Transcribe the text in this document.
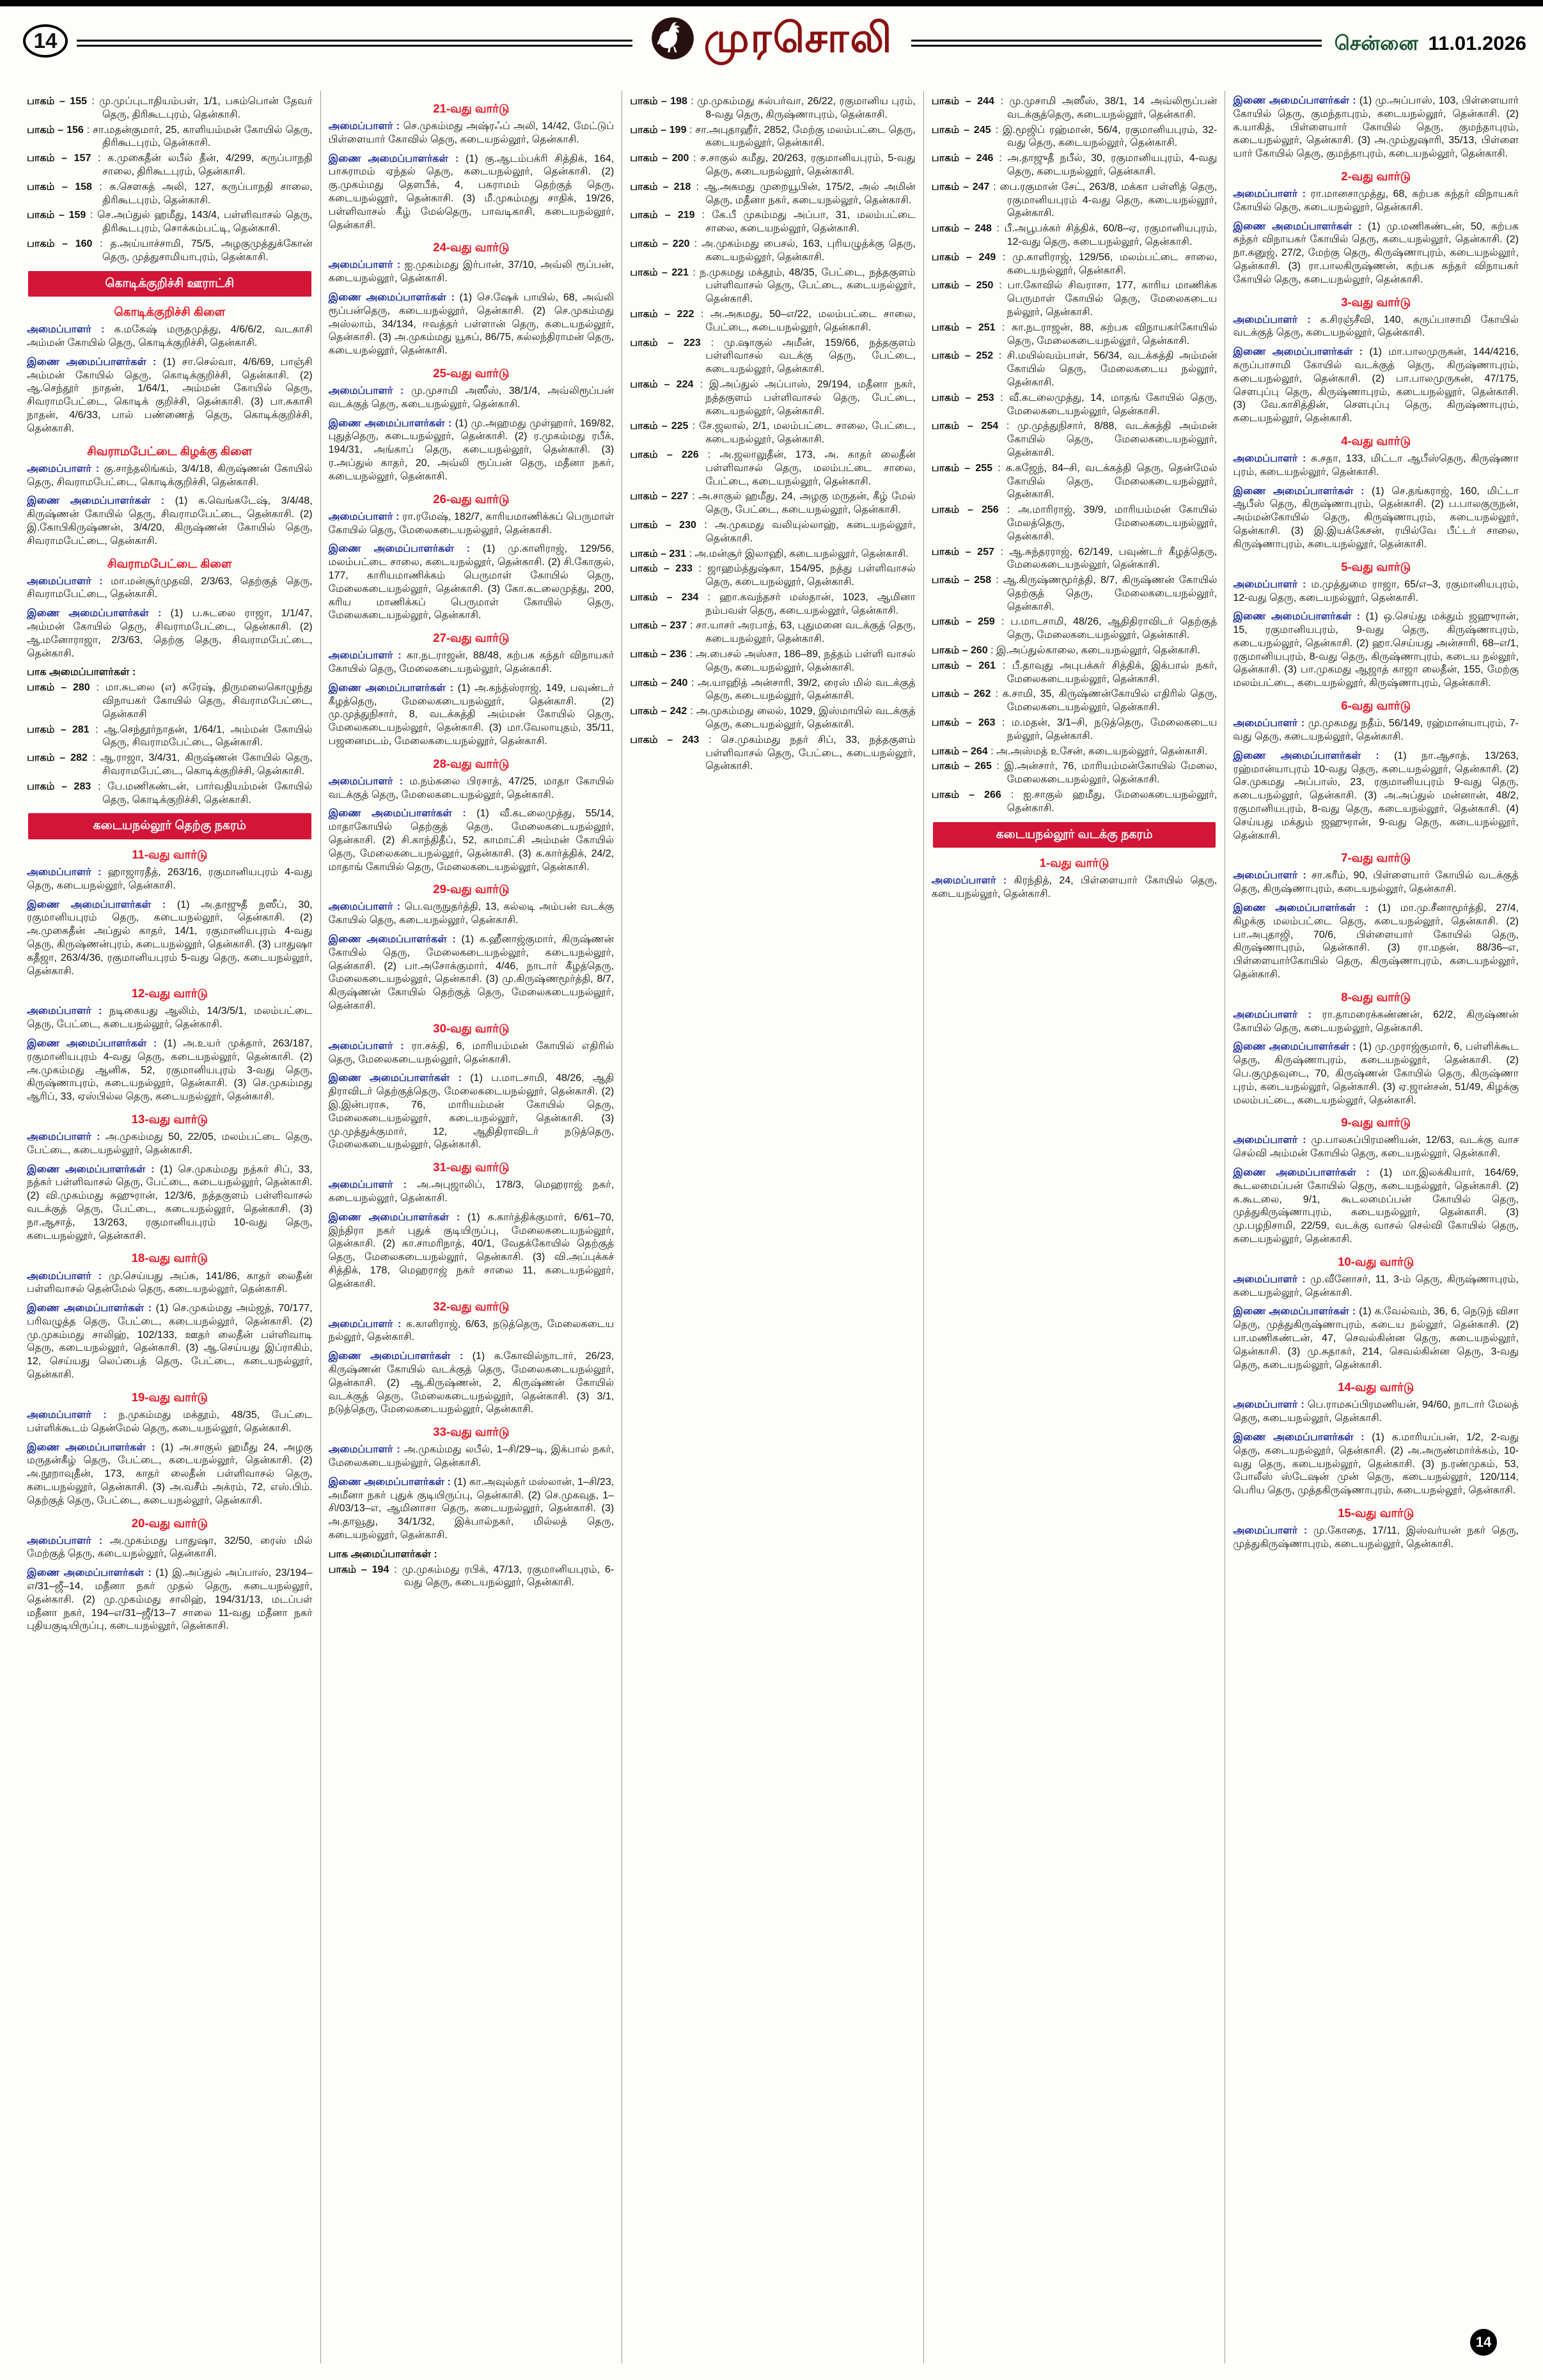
14	முரசொலி	சென்னை 11.01.2026
பாகம் – 155 : மு.முப்புடாதியம்பள், 1/1, பசும்பொன் தேவர் தெரு, திரிகூடபுரம், தென்காசி.
பாகம் – 156 : சா.மதன்குமார், 25, காளியம்மன் கோயில் தெரு, திரிகூடபுரம், தென்காசி.
பாகம் – 157 : க.முகைதீன் லபீல் தீன், 4/299, கருப்பாநதி சாலை, திரிகூடபுரம், தென்காசி.
பாகம் – 158 : க.சௌகத் அலி, 127, கருப்பாநதி சாலை, திரிகூடபுரம், தென்காசி.
பாகம் – 159 : செ.அப்துல் ஹமீது, 143/4, பள்ளிவாசல் தெரு, திரிகூடபுரம், சொக்கம்பட்டி, தென்காசி.
பாகம் – 160 : த.அய்யாச்சாமி, 75/5, அழகுமுத்துக்கோன் தெரு, முத்துசாமியாபுரம், தென்காசி.
கொடிக்குறிச்சி ஊராட்சி
கொடிக்குறிச்சி கிளை
அமைப்பாளர் : க.மகேஷ் மருதமுத்து, 4/6/6/2, வடகாசி அம்மன் கோயில் தெரு, கொடிக்குறிச்சி, தென்காசி.
இணை அமைப்பாளர்கள் : (1) சா.செல்வா, 4/6/69, பாஞ்சி அம்மன் கோயில் தெரு, கொடிக்குறிச்சி, தென்காசி. (2) ஆ.செந்தூர் நாதன், 1/64/1, அம்மன் கோயில் தெரு, சிவராமபேட்டை, கொடிக் குறிச்சி, தென்காசி. (3) பா.சுகாசி நாதன், 4/6/33, பால் பண்ணைத் தெரு, கொடிக்குறிச்சி, தென்காசி.
சிவராமபேட்டை கிழக்கு கிளை
அமைப்பாளர் : கு.சாந்தலிங்கம், 3/4/18, கிருஷ்ணன் கோயில் தெரு, சிவராமபேட்டை, கொடிக்குறிச்சி, தென்காசி.
இணை அமைப்பாளர்கள் : (1) க.வெங்கடேஷ், 3/4/48, கிருஷ்ணன் கோயில் தெரு, சிவராமபேட்டை, தென்காசி. (2) இ.கோபிகிருஷ்ணன், 3/4/20, கிருஷ்ணன் கோயில் தெரு, சிவராமபேட்டை, தென்காசி.
சிவராமபேட்டை கிளை
அமைப்பாளர் : மா.மன்சூர்முதவி, 2/3/63, தெற்குத் தெரு, சிவராமபேட்டை, தென்காசி.
இணை அமைப்பாளர்கள் : (1) ப.சுடலை ராஜா, 1/1/47, அம்மன் கோயில் தெரு, சிவராமபேட்டை, தென்காசி. (2) ஆ.மனோராஜா, 2/3/63, தெற்கு தெரு, சிவராமபேட்டை, தென்காசி.
பாக அமைப்பாளர்கள் :
பாகம் – 280 : மா.சுடலை (எ) சுரேஷ், திருமலைகொழுந்து விநாயகர் கோயில் தெரு, சிவராமபேட்டை, தென்காசி
பாகம் – 281 : ஆ.செந்தூர்நாதன், 1/64/1, அம்மன் கோயில் தெரு, சிவராமபேட்டை, தென்காசி.
பாகம் – 282 : ஆ.ராஜா, 3/4/31, கிருஷ்ணன் கோயில் தெரு, சிவராமபேட்டை, கொடிக்குறிச்சி, தென்காசி.
பாகம் – 283 : பே.மணிகண்டன், பார்வதியம்மன் கோயில் தெரு, கொடிக்குறிச்சி, தென்காசி.
கடையநல்லூர் தெற்கு நகரம்
11-வது வார்டு
அமைப்பாளர் : ஹாஜாரதீத், 263/16, ரகுமானியபுரம் 4-வது தெரு, கடையநல்லூர், தென்காசி.
இணை அமைப்பாளர்கள் : (1) அ.தாஜுதீ நஸீப், 30, ரகுமானியபுரம் தெரு, கடையநல்லூர், தென்காசி. (2) அ.முகைதீன் அப்துல் காதர், 14/1, ரகுமானியபுரம் 4-வது தெரு, கிருஷ்ணன்புரம், கடையநல்லூர், தென்காசி. (3) பாதுஷா கதீஜா, 263/4/36, ரகுமானியபுரம் 5-வது தெரு, கடையநல்லூர், தென்காசி.
12-வது வார்டு
அமைப்பாளர் : நடிகையது ஆலிம், 14/3/5/1, மலம்பட்டை தெரு, பேட்டை, கடையநல்லூர், தென்காசி.
இணை அமைப்பாளர்கள் : (1) அ.உயர் முக்தார், 263/187, ரகுமானியபுரம் 4-வது தெரு, கடையநல்லூர், தென்காசி. (2) அ.முகம்மது ஆனிசு, 52, ரகுமானியபுரம் 3-வது தெரு, கிருஷ்ணாபுரம், கடையநல்லூர், தென்காசி. (3) செ.முகம்மது ஆரிப், 33, ஏஸ்பில்ல தெரு, கடையநல்லூர், தென்காசி.
13-வது வார்டு
அமைப்பாளர் : அ.முகம்மது 50, 22/05, மலம்பட்டை தெரு, பேட்டை, கடையநல்லூர், தென்காசி.
இணை அமைப்பாளர்கள் : (1) செ.முகம்மது நத்கர் சிப், 33, நத்கர் பள்ளிவாசல் தெரு, பேட்டை, கடையநல்லூர், தென்காசி. (2) வி.முகம்மது சுஹுரான், 12/3/6, நத்தகுளம் பள்ளிவாசல் வடக்குத் தெரு, பேட்டை, கடையநல்லூர், தென்காசி. (3) நா.ஆசாத், 13/263, ரகுமானியபுரம் 10-வது தெரு, கடையநல்லூர், தென்காசி.
18-வது வார்டு
அமைப்பாளர் : மு.செய்யது அப்சு, 141/86, காதர் லைதீன் பள்ளிவாசல் தென்மேல் தெரு, கடையநல்லூர், தென்காசி.
இணை அமைப்பாளர்கள் : (1) செ.முகம்மது அம்ஜத், 70/177, பரிவழுத்த தெரு, பேட்டை, கடையநல்லூர், தென்காசி. (2) மு.முகம்மது சாலிஹ், 102/133, ஊதர் லைதீன் பள்ளிவாடி தெரு, கடையநல்லூர், தென்காசி. (3) ஆ.செய்யது இப்ராகிம், 12, செய்யது லெப்பைத் தெரு, பேட்டை, கடையநல்லூர், தென்காசி.
19-வது வார்டு
அமைப்பாளர் : ந.முகம்மது மக்தூம், 48/35, பேட்டை பள்ளிக்கூடம் தென்மேல் தெரு, கடையநல்லூர், தென்காசி.
இணை அமைப்பாளர்கள் : (1) அ.சாகுல் ஹமீது 24, அழகு மருதன்கீழ் தெரு, பேட்டை, கடையநல்லூர், தென்காசி. (2) அ.நூறாவுதீன், 173, காதர் லைதீன் பள்ளிவாசல் தெரு, கடையநல்லூர், தென்காசி. (3) அ.வசீம் அக்ரம், 72, எஸ்.பிம். தெற்குத் தெரு, பேட்டை, கடையநல்லூர், தென்காசி.
20-வது வார்டு
அமைப்பாளர் : அ.முகம்மது பாதுஷா, 32/50, ரைஸ் மில் மேற்குத் தெரு, கடையநல்லூர், தென்காசி.
இணை அமைப்பாளர்கள் : (1) இ.அப்துல் அப்பாஸ், 23/194–எ/31–ஜீ–14, மதீனா நகர் முதல் தெரு, கடையநல்லூர், தென்காசி. (2) மு.முகம்மது சாலிஹ், 194/31/13, மடப்பள் மதீனா நகர், 194–எ/31–ஜீ/13–7 சாலை 11-வது மதீனா நகர் புதியகுடியிருப்பு, கடையநல்லூர், தென்காசி.
21-வது வார்டு
அமைப்பாளர் : செ.முகம்மது அஷ்ரஃப் அலி, 14/42, மேட்டுப் பிள்ளையார் கோவில் தெரு, கடையநல்லூர், தென்காசி.
இணை அமைப்பாளர்கள் : (1) கு.ஆடம்பக்ரி சித்திக், 164, பாசுராமம் ஏந்தல் தெரு, கடையநல்லூர், தென்காசி. (2) கு.முகம்மது தௌபீக், 4, பசுராமம் தெற்குத் தெரு, கடையநல்லூர், தென்காசி. (3) மீ.முகம்மது சாதிக், 19/26, பள்ளிவாசல் கீழ் மேல்தெரு, பாவடிகாசி, கடையநல்லூர், தென்காசி.
24-வது வார்டு
அமைப்பாளர் : ஐ.முகம்மது இர்பான், 37/10, அவ்லி ரூப்பன், கடையநல்லூர், தென்காசி.
இணை அமைப்பாளர்கள் : (1) செ.ஷேக் பாயில், 68, அவ்லி ரூப்பன்தெரு, கடையநல்லூர், தென்காசி. (2) செ.முகம்மது அஸ்லாம், 34/134, ஈவத்தர் பள்ளான் தெரு, கடையநல்லூர், தென்காசி. (3) அ.முகம்மது யூசுப், 86/75, கல்லந்திராமன் தெரு, கடையநல்லூர், தென்காசி.
25-வது வார்டு
அமைப்பாளர் : மு.முசாமி அஸீஸ், 38/1/4, அவ்லிரூப்பன் வடக்குத் தெரு, கடையநல்லூர், தென்காசி.
இணை அமைப்பாளர்கள் : (1) மு.அஹமது முள்ஹார், 169/82, புதுத்தெரு, கடையநல்லூர், தென்காசி. (2) ர.முகம்மது ரபீக், 194/31, அங்காப் தெரு, கடையநல்லூர், தென்காசி. (3) ர.அப்துல் காதர், 20, அவ்லி ரூப்பன் தெரு, மதீனா நகர், கடையநல்லூர், தென்காசி.
26-வது வார்டு
அமைப்பாளர் : ரா.ரமேஷ், 182/7, காரியமாணிக்கப் பெருமாள் கோயில் தெரு, மேலைகடையநல்லூர், தென்காசி.
இணை அமைப்பாளர்கள் : (1) மு.காளிராஜ், 129/56, மலம்பட்டை சாலை, கடையநல்லூர், தென்காசி. (2) சி.கோகுல், 177, காரியமாணிக்கம் பெருமாள் கோயில் தெரு, மேலைகடையநல்லூர், தென்காசி. (3) கோ.கடலைமுத்து, 200, கரிய மாணிக்கப் பெருமாள் கோயில் தெரு, மேலைகடையநல்லூர், தென்காசி.
27-வது வார்டு
அமைப்பாளர் : கா.நடராஜன், 88/48, கற்பக கந்தர் விநாயகர் கோயில் தெரு, மேலைகடையநல்லூர், தென்காசி.
இணை அமைப்பாளர்கள் : (1) அ.கந்த்ஸ்ராஜ், 149, பவுண்டர் கீழத்தெரு, மேலைகடையநல்லூர், தென்காசி. (2) மு.முத்துநிசார், 8, வடக்கத்தி அம்மன் கோயில் தெரு, மேலைகடையநல்லூர், தென்காசி. (3) மா.வேலாயுதம், 35/11, பஜனைமடம், மேலைகடையநல்லூர், தென்காசி.
28-வது வார்டு
அமைப்பாளர் : ம.நம்சுலை பிரசாத், 47/25, மாதா கோயில் வடக்குத் தெரு, மேலைகடையநல்லூர், தென்காசி.
இணை அமைப்பாளர்கள் : (1) வீ.கடலைமுத்து, 55/14, மாதாகோயில் தெற்குத் தெரு, மேலைகடையநல்லூர், தென்காசி. (2) சி.காந்திதீப், 52, காமாட்சி அம்மன் கோயில் தெரு, மேலைகடையநல்லூர், தென்காசி. (3) க.கார்த்திக், 24/2, மாதாங் கோயில் தெரு, மேலைகடையநல்லூர், தென்காசி.
29-வது வார்டு
அமைப்பாளர் : பெ.வருநுதர்த்தி, 13, கல்லடி அம்பன் வடக்கு கோயில் தெரு, கடையநல்லூர், தென்காசி.
இணை அமைப்பாளர்கள் : (1) க.ஹீனாஜ்குமார், கிருஷ்ணன் கோயில் தெரு, மேலைகடையநல்லூர், கடையநல்லூர், தென்காசி. (2) பா.அசோக்குமார், 4/46, நாடார் கீழத்தெரு, மேலைகடையநல்லூர், தென்காசி. (3) மு.கிருஷ்ணமூர்த்தி, 8/7, கிருஷ்ணன் கோயில் தெற்குத் தெரு, மேலைகடையநல்லூர், தென்காசி.
30-வது வார்டு
அமைப்பாளர் : ரா.சக்தி, 6, மாரியம்மன் கோயில் எதிரில் தெரு, மேலைகடையநல்லூர், தென்காசி.
இணை அமைப்பாளர்கள் : (1) ப.மாடசாமி, 48/26, ஆதி திராவிடர் தெற்குத்தெரு, மேலைகடையநல்லூர், தென்காசி. (2) இ.இன்பராசு, 76, மாரியம்மன் கோயில் தெரு, மேலைகடையநல்லூர், கடையநல்லூர், தென்காசி. (3) மு.முத்துக்குமார், 12, ஆதிதிராவிடர் நடுத்தெரு, மேலைகடையநல்லூர், தென்காசி.
31-வது வார்டு
அமைப்பாளர் : அ.அபுஜாலிப், 178/3, மெஹராஜ் நகர், கடையநல்லூர், தென்காசி.
இணை அமைப்பாளர்கள் : (1) க.கார்த்திக்குமார், 6/61–70, இந்திரா நகர் புதுக் குடியிருப்பு, மேலைகடையநல்லூர், தென்காசி. (2) கா.சாமரிநாத், 40/1, வேதக்கோயில் தெற்குத் தெரு, மேலைகடையநல்லூர், தென்காசி. (3) வி.அப்புக்கச் சித்திக், 178, மெஹராஜ் நகர் சாலை 11, கடையநல்லூர், தென்காசி.
32-வது வார்டு
அமைப்பாளர் : க.காளிராஜ், 6/63, நடுத்தெரு, மேலைகடைய நல்லூர், தென்காசி.
இணை அமைப்பாளர்கள் : (1) க.கோவில்நாடார், 26/23, கிருஷ்ணன் கோயில் வடக்குத் தெரு, மேலைகடையநல்லூர், தென்காசி. (2) ஆ.கிருஷ்ணன், 2, கிருஷ்ணன் கோயில் வடக்குத் தெரு, மேலைகடையநல்லூர், தென்காசி. (3) 3/1, நடுத்தெரு, மேலைகடையநல்லூர், தென்காசி.
33-வது வார்டு
அமைப்பாளர் : அ.முகம்மது லபீல், 1–சி/29–டி, இக்பால் நகர், மேலைகடையநல்லூர், தென்காசி.
இணை அமைப்பாளர்கள் : (1) கா.அவுல்தர் மஸ்லான், 1–சி/23, அமீனா நகர் புதுக் குடியிருப்பு, தென்காசி. (2) செ.முகவுத, 1–சி/03/13–எ, ஆமினாசா தெரு, கடையநல்லூர், தென்காசி. (3) அ.தாவூது, 34/1/32, இக்பால்நகர், மில்லத் தெரு, கடையநல்லூர், தென்காசி.
பாக அமைப்பாளர்கள் :
பாகம் – 194 : மு.முகம்மது ரபிக், 47/13, ரகுமானியபுரம், 6-வது தெரு, கடையநல்லூர், தென்காசி.
பாகம் – 198 : மு.முகம்மது கல்பர்வா, 26/22, ரகுமானிய புரம், 8-வது தெரு, கிருஷ்ணாபுரம், தென்காசி.
பாகம் – 199 : சா.அபுதாஹீர், 2852, மேற்கு மலம்பட்டை தெரு, கடையநல்லூர், தென்காசி.
பாகம் – 200 : ச.சாகுல் கமீது, 20/263, ரகுமானியபுரம், 5-வது தெரு, கடையநல்லூர், தென்காசி.
பாகம் – 218 : ஆ.அகமது முறையூபின், 175/2, அல் அமின் தெரு, மதீனா நகர், கடையநல்லூர், தென்காசி.
பாகம் – 219 : கே.பீ முகம்மது அப்பா, 31, மலம்பட்டை சாலை, கடையநல்லூர், தென்காசி.
பாகம் – 220 : அ.முகம்மது பைசல், 163, புரியழுத்க்கு தெரு, கடையநல்லூர், தென்காசி.
பாகம் – 221 : ந.முகமது மக்தூம், 48/35, பேட்டை, நத்தகுளம் பள்ளிவாசல் தெரு, பேட்டை, கடையநல்லூர், தென்காசி.
பாகம் – 222 : அ.அகமது, 50–எ/22, மலம்பட்டை சாலை, பேட்டை, கடையநல்லூர், தென்காசி.
பாகம் – 223 : மு.ஷாகுல் அமீன், 159/66, நத்தகுளம் பள்ளிவாசல் வடக்கு தெரு, பேட்டை, கடையநல்லூர், தென்காசி.
பாகம் – 224 : இ.அப்துல் அப்பாஸ், 29/194, மதீனா நகர், நத்தகுளம் பள்ளிவாசல் தெரு, பேட்டை, கடையநல்லூர், தென்காசி.
பாகம் – 225 : சே.ஜலால், 2/1, மலம்பட்டை சாலை, பேட்டை, கடையநல்லூர், தென்காசி.
பாகம் – 226 : அ.ஜலாலுதீன், 173, அ. காதர் லைதீன் பள்ளிவாசல் தெரு, மலம்பட்டை சாலை, பேட்டை, கடையநல்லூர், தென்காசி.
பாகம் – 227 : அ.சாகுல் ஹமீது, 24, அழகு மருதன், கீழ் மேல் தெரு, பேட்டை, கடையநல்லூர், தென்காசி.
பாகம் – 230 : அ.முகமது வலியுல்லாஹ், கடையநல்லூர், தென்காசி.
பாகம் – 231 : அ.மன்சூர் இலாஹி, கடையநல்லூர், தென்காசி.
பாகம் – 233 : ஜாஹம்த்துஷ்கா, 154/95, நத்து பள்ளிவாசல் தெரு, கடையநல்லூர், தென்காசி.
பாகம் – 234 : ஹா.கவந்தசர் மஸ்தான், 1023, ஆமினா நம்பவள் தெரு, கடையநல்லூர், தென்காசி.
பாகம் – 237 : சா.யாசர் அரபாத், 63, புதுமனை வடக்குத் தெரு, கடையநல்லூர், தென்காசி.
பாகம் – 236 : அ.பைசல் அஸ்சா, 186–89, நத்தம் பள்ளி வாசல் தெரு, கடையநல்லூர், தென்காசி.
பாகம் – 240 : அ.யாஹித் அன்சாரி, 39/2, ரைஸ் மில் வடக்குத் தெரு, கடையநல்லூர், தென்காசி.
பாகம் – 242 : அ.முகம்மது லைல், 1029, இஸ்மாயில் வடக்குத் தெரு, கடையநல்லூர், தென்காசி.
பாகம் – 243 : செ.முகம்மது நதர் சிப், 33, நத்தகுளம் பள்ளிவாசல் தெரு, பேட்டை, கடையநல்லூர், தென்காசி.
பாகம் – 244 : மு.முசாமி அஸீஸ், 38/1, 14 அவ்லிரூப்பன் வடக்குத்தெரு, கடையநல்லூர், தென்காசி.
பாகம் – 245 : இ.மூஜிப் ரஹ்மான், 56/4, ரகுமானியபுரம், 32-வது தெரு, கடையநல்லூர், தென்காசி.
பாகம் – 246 : அ.தாஜுதீ நபீல், 30, ரகுமானியபுரம், 4-வது தெரு, கடையநல்லூர், தென்காசி.
பாகம் – 247 : பை.ரகுமான் சேட், 263/8, மக்கா பள்ளித் தெரு, ரகுமானியபுரம் 4-வது தெரு, கடையநல்லூர், தென்காசி.
பாகம் – 248 : பீ.அபூபக்கர் சித்திக், 60/8–ஏ, ரகுமானியபுரம், 12-வது தெரு, கடையநல்லூர், தென்காசி.
பாகம் – 249 : மு.காளிராஜ், 129/56, மலம்பட்டை சாலை, கடையநல்லூர், தென்காசி.
பாகம் – 250 : பா.கோவில் சிவராசா, 177, காரிய மாணிக்க பெருமாள் கோயில் தெரு, மேலைகடைய நல்லூர், தென்காசி.
பாகம் – 251 : கா.நடராஜன், 88, கற்பக விநாயகர்கோயில் தெரு, மேலைகடையநல்லூர், தென்காசி.
பாகம் – 252 : சி.மயில்வம்பாள், 56/34, வடக்கத்தி அம்மன் கோயில் தெரு, மேலைகடைய நல்லூர், தென்காசி.
பாகம் – 253 : வீ.கடலைமுத்து, 14, மாதங் கோயில் தெரு, மேலைகடையநல்லூர், தென்காசி.
பாகம் – 254 : மு.முத்துநிசார், 8/88, வடக்கத்தி அம்மன் கோயில் தெரு, மேலைகடையநல்லூர், தென்காசி.
பாகம் – 255 : க.கஜேந், 84–சி, வடக்கத்தி தெரு, தென்மேல் கோயில் தெரு, மேலைகடையநல்லூர், தென்காசி.
பாகம் – 256 : அ.மாரிராஜ், 39/9, மாரியம்மன் கோயில் மேலத்தெரு, மேலைகடையநல்லூர், தென்காசி.
பாகம் – 257 : ஆ.சுந்தரராஜ், 62/149, பவுண்டர் கீழத்தெரு, மேலைகடையநல்லூர், தென்காசி.
பாகம் – 258 : ஆ.கிருஷ்ணமூர்த்தி, 8/7, கிருஷ்ணன் கோயில் தெற்குத் தெரு, மேலைகடையநல்லூர், தென்காசி.
பாகம் – 259 : ப.மாடசாமி, 48/26, ஆதிதிராவிடர் தெற்குத் தெரு, மேலைகடையநல்லூர், தென்காசி.
பாகம் – 260 : இ.அப்துல்காலை, கடையநல்லூர், தென்காசி.
பாகம் – 261 : பீ.தாவுது அபுபக்கர் சித்திக், இக்பால் நகர், மேலைகடையநல்லூர், தென்காசி.
பாகம் – 262 : க.சாமி, 35, கிருஷ்ணன்கோயில் எதிரில் தெரு, மேலைகடையநல்லூர், தென்காசி.
பாகம் – 263 : ம.மதன், 3/1–சி, நடுத்தெரு, மேலைகடைய நல்லூர், தென்காசி.
பாகம் – 264 : அ.அஸ்மத் உசேன், கடையநல்லூர், தென்காசி.
பாகம் – 265 : இ.அன்சார், 76, மாரியம்மன்கோயில் மேலை, மேலைகடையநல்லூர், தென்காசி.
பாகம் – 266 : ஐ.சாகுல் ஹமீது, மேலைகடையநல்லூர், தென்காசி.
கடையநல்லூர் வடக்கு நகரம்
1-வது வார்டு
அமைப்பாளர் : கிரந்தித், 24, பிள்ளையார் கோயில் தெரு, கடையநல்லூர், தென்காசி.
இணை அமைப்பாளர்கள் : (1) மு.அப்பாஸ், 103, பிள்ளையார் கோயில் தெரு, குமந்தாபுரம், கடையநல்லூர், தென்காசி. (2) க.யாகித், பிள்ளையார் கோயில் தெரு, குமந்தாபுரம், கடையநல்லூர், தென்காசி. (3) அ.மும்துஷாரி, 35/13, பிள்ளை யார் கோயில் தெரு, குமந்தாபுரம், கடையநல்லூர், தென்காசி.
2-வது வார்டு
அமைப்பாளர் : ரா.மானசாமுத்து, 68, கற்பக கந்தர் விநாயகர் கோயில் தெரு, கடையநல்லூர், தென்காசி.
இணை அமைப்பாளர்கள் : (1) மு.மணிகண்டன், 50, கற்பக கந்தர் விநாயகர் கோயில் தெரு, கடையநல்லூர், தென்காசி. (2) நா.கனுஜ், 27/2, மேற்கு தெரு, கிருஷ்ணாபுரம், கடையநல்லூர், தென்காசி. (3) ரா.பாலகிருஷ்ணன், கற்பக கந்தர் விநாயகர் கோயில் தெரு, கடையநல்லூர், தென்காசி.
3-வது வார்டு
அமைப்பாளர் : க.சிரஞ்சீவி, 140, கருப்பாசாமி கோயில் வடக்குத் தெரு, கடையநல்லூர், தென்காசி.
இணை அமைப்பாளர்கள் : (1) மா.பாலமுருகன், 144/4216, கருப்பாசாமி கோயில் வடக்குத் தெரு, கிருஷ்ணாபுரம், கடையநல்லூர், தென்காசி. (2) பா.பாலமுருகன், 47/175, செளபுப்பு தெரு, கிருஷ்ணாபுரம், கடையநல்லூர், தென்காசி. (3) வே.காசித்தின், செளபுப்பு தெரு, கிருஷ்ணாபுரம், கடையநல்லூர், தென்காசி.
4-வது வார்டு
அமைப்பாளர் : க.சதா, 133, மிட்டா ஆபீஸ்தெரு, கிருஷ்ணா புரம், கடையநல்லூர், தென்காசி.
இணை அமைப்பாளர்கள் : (1) செ.தங்கராஜ், 160, மிட்டா ஆபீஸ் தெரு, கிருஷ்ணாபுரம், தென்காசி. (2) ப.பாலகுருநன், அம்மன்கோயில் தெரு, கிருஷ்ணாபுரம், கடையநல்லூர், தென்காசி. (3) இ.இயக்கேசன், ரயில்வே பீட்டர் சாலை, கிருஷ்ணாபுரம், கடையநல்லூர், தென்காசி.
5-வது வார்டு
அமைப்பாளர் : ம.முத்துமை ராஜா, 65/எ–3, ரகுமானியபுரம், 12-வது தெரு, கடையநல்லூர், தென்காசி.
இணை அமைப்பாளர்கள் : (1) ஒ.செய்து மக்தும் ஜஹுரான், 15, ரகுமானியபுரம், 9-வது தெரு, கிருஷ்ணாபுரம், கடையநல்லூர், தென்காசி. (2) ஹா.செய்யது அன்சாரி, 68–எ/1, ரகுமானியபுரம், 8-வது தெரு, கிருஷ்ணாபுரம், கடைய நல்லூர், தென்காசி. (3) பா.முகமது ஆஜாத் காஜா லைதீன், 155, மேற்கு மலம்பட்டை, கடையநல்லூர், கிருஷ்ணாபுரம், தென்காசி.
6-வது வார்டு
அமைப்பாளர் : மு.முகமது நதீம், 56/149, ரஹ்மான்யாபுரம், 7-வது தெரு, கடையநல்லூர், தென்காசி.
இணை அமைப்பாளர்கள் : (1) நா.ஆசாத், 13/263, ரஹ்மான்யாபுரம் 10-வது தெரு, கடையநல்லூர், தென்காசி. (2) செ.முகமது அப்பாஸ், 23, ரகுமானியபுரம் 9-வது தெரு, கடையநல்லூர், தென்காசி. (3) அ.அப்துல் மன்னான், 48/2, ரகுமானியபுரம், 8-வது தெரு, கடையநல்லூர், தென்காசி. (4) செய்யது மக்தும் ஜஹுரான், 9-வது தெரு, கடையநல்லூர், தென்காசி.
7-வது வார்டு
அமைப்பாளர் : சா.கரீம், 90, பிள்ளையார் கோயில் வடக்குத் தெரு, கிருஷ்ணாபுரம், கடையநல்லூர், தென்காசி.
இணை அமைப்பாளர்கள் : (1) மா.மு.சீனாமூர்த்தி, 27/4, கிழக்கு மலம்பட்டை தெரு, கடையநல்லூர், தென்காசி. (2) பா.அபுதாஜி, 70/6, பிள்ளையார் கோயில் தெரு, கிருஷ்ணாபுரம், தென்காசி. (3) ரா.மதன், 88/36–எ, பிள்ளையார்கோயில் தெரு, கிருஷ்ணாபுரம், கடையநல்லூர், தென்காசி.
8-வது வார்டு
அமைப்பாளர் : ரா.தாமரைக்கண்ணன், 62/2, கிருஷ்ணன் கோயில் தெரு, கடையநல்லூர், தென்காசி.
இணை அமைப்பாளர்கள் : (1) மு.முராஜ்குமார், 6, பள்ளிக்கூட தெரு, கிருஷ்ணாபுரம், கடையநல்லூர், தென்காசி. (2) பெ.குமுதவுடை, 70, கிருஷ்ணன் கோயில் தெரு, கிருஷ்ணா புரம், கடையநல்லூர், தென்காசி. (3) ஏ.ஜான்சன், 51/49, கிழக்கு மலம்பட்டை, கடையநல்லூர், தென்காசி.
9-வது வார்டு
அமைப்பாளர் : மு.பாலசுப்பிரமணியன், 12/63, வடக்கு வாச செல்வி அம்மன் கோயில் தெரு, கடையநல்லூர், தென்காசி.
இணை அமைப்பாளர்கள் : (1) மா.இலக்கியார், 164/69, கூடலமைப்பன் கோயில் தெரு, கடையநல்லூர், தென்காசி. (2) க.கூடலை, 9/1, கூடலமைப்பன் கோயில் தெரு, முத்துகிருஷ்ணாபுரம், கடையநல்லூர், தென்காசி. (3) மு.பழநிசாமி, 22/59, வடக்கு வாசல் செல்வி கோயில் தெரு, கடையநல்லூர், தென்காசி.
10-வது வார்டு
அமைப்பாளர் : மு.வீனோசர், 11, 3-ம் தெரு, கிருஷ்ணாபுரம், கடையநல்லூர், தென்காசி.
இணை அமைப்பாளர்கள் : (1) க.வேல்வம், 36, 6, நெடுந் விசா தெரு, முத்துகிருஷ்ணாபுரம், கடைய நல்லூர், தென்காசி. (2) பா.மணிகண்டன், 47, செவல்கின்ன தெரு, கடையநல்லூர், தென்காசி. (3) மு.சுதாகர், 214, செவல்கின்ன தெரு, 3-வது தெரு, கடையநல்லூர், தென்காசி.
14-வது வார்டு
அமைப்பாளர் : பெ.ராமசுப்பிரமணியன், 94/60, நாடார் மேலத் தெரு, கடையநல்லூர், தென்காசி.
இணை அமைப்பாளர்கள் : (1) க.மாரியப்பன், 1/2, 2-வது தெரு, கடையநல்லூர், தென்காசி. (2) அ.அருண்மார்க்கம், 10-வது தெரு, கடையநல்லூர், தென்காசி. (3) ந.ரண்முகம், 53, போலீஸ் ஸ்டேஷன் முன் தெரு, கடையநல்லூர், 120/114, பெரிய தெரு, முத்தகிருஷ்ணாபுரம், கடையநல்லூர், தென்காசி.
15-வது வார்டு
அமைப்பாளர் : மு.கோதை, 17/11, இஸ்வர்யன் நகர் தெரு, முத்துகிருஷ்ணாபுரம், கடையநல்லூர், தென்காசி.
14
